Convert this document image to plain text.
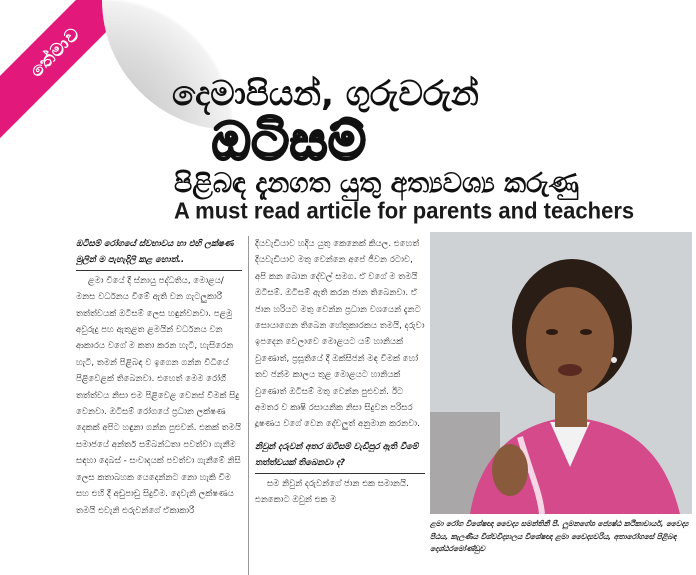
තේමාව
දෙමාපියන්, ගුරුවරුන්
ඔටිසම්
පිළිබඳ දැනගත යුතු අත්‍යවශ්‍ය කරුණු
A must read article for parents and teachers

ඔටිසම් රෝගයේ ස්වභාවය හා එහි ලක්ෂණ මුලින් ම පැහැදිලි කළ හොත්..

ළමා වියේ දී ස්නායු පද්ධතිය, මොළය/මනස වර්ධනය වීමේ ඇති වන ගැටලුකාරී තත්ත්වයක් ඔටිසම් ලෙස හඳුන්වනවා. පළමු අවුරුදු පහ ඇතුළත ළමයින් වර්ධනය වන ආකාරය වගේ ම කතා කරන හැටි, හැසිරෙන හැටි, තමන් පිළිබඳ ව ඉගෙන ගන්න විධියේ පිළිවෙළක් තිබෙනවා. එහෙත් මෙම රෝගී තත්ත්වය නිසා එම පිළිවෙළ වෙනස් වීමක් සිදු වෙනවා. ඔටිසම් රෝගයේ ප්‍රධාන ලක්ෂණ දෙකක් අපිට හඳුනා ගන්න පුළුවන්. එකක් තමයි සමාජයේ අන්තර් සම්බන්ධතා පවත්වා ගැනීම සඳහා දෙබස් - සංවාදයක් පවත්වා ගැනීමේ නිසි ලෙස කතාබහක යෙදෙන්නට නො හැකි වීම සහ එහි දී අඩුපාඩු සිදුවීම. දෙවැනි ලක්ෂණය තමයි එවැනි ළුරුවන්ගේ ඒකාකාරී

දියවැඩියාව හදිය යුතු කෙනෙක් කියල. එහෙත් දියවැඩියාව මතු වෙන්නෙ අපේ ජීවන රටාව, අපි කන බොන දේවල් සමග. ඒ වගේ ම තමයි ඔටිසම්. ඔටිසම් ඇති කරන ජාන තිබෙනවා. ඒ ජාන හරියට මතු වෙන්න ප්‍රධාන වශයෙන් දැනට සොයාගෙන තිබෙන හේතුකාරකය තමයි, දරුවා ඉපදෙන වෙලාවෙ මොළයට යම් හානියක් වුණොත්, ප්‍රසූතියේ දී ඔක්සිජන් මඳ වීමක් හෝ තව ජන්ම කාලය තුළ මොළයට හානියක් වුණොත් ඔටිසම් මතු වෙන්න පුළුවන්. ඊට අමතර ව කෘෂි රසායනික නිසා සිදුවන පරිසර දූෂණය වගේ වෙන දේවලුත් අනුමාන කරනවා.

නිවුන් දරුවන් අතර ඔටිසම් වැඩිපුර ඇති වීමේ තත්ත්වයක් තිබෙනවා ද?

සම නිවුන් දරුවන්ගේ ජාන එක සමානයි. එනකොට ඔවුන් එක ම

ළමා රෝග විශේෂඥ වෛද්‍ය සමන්තිනී පී. ලුමනගේශ ජ්‍යෙෂ්ඨ කථිකාචාර්ය, වෛද්‍ය පීඨය, කැලණිය විශ්වවිද්‍යාලය විශේෂඥ ළමා වෛද්‍යවරිය, අතාරෝගසේ පිළිබඳ දොශ්ඨරමෝණ්ඩුව
